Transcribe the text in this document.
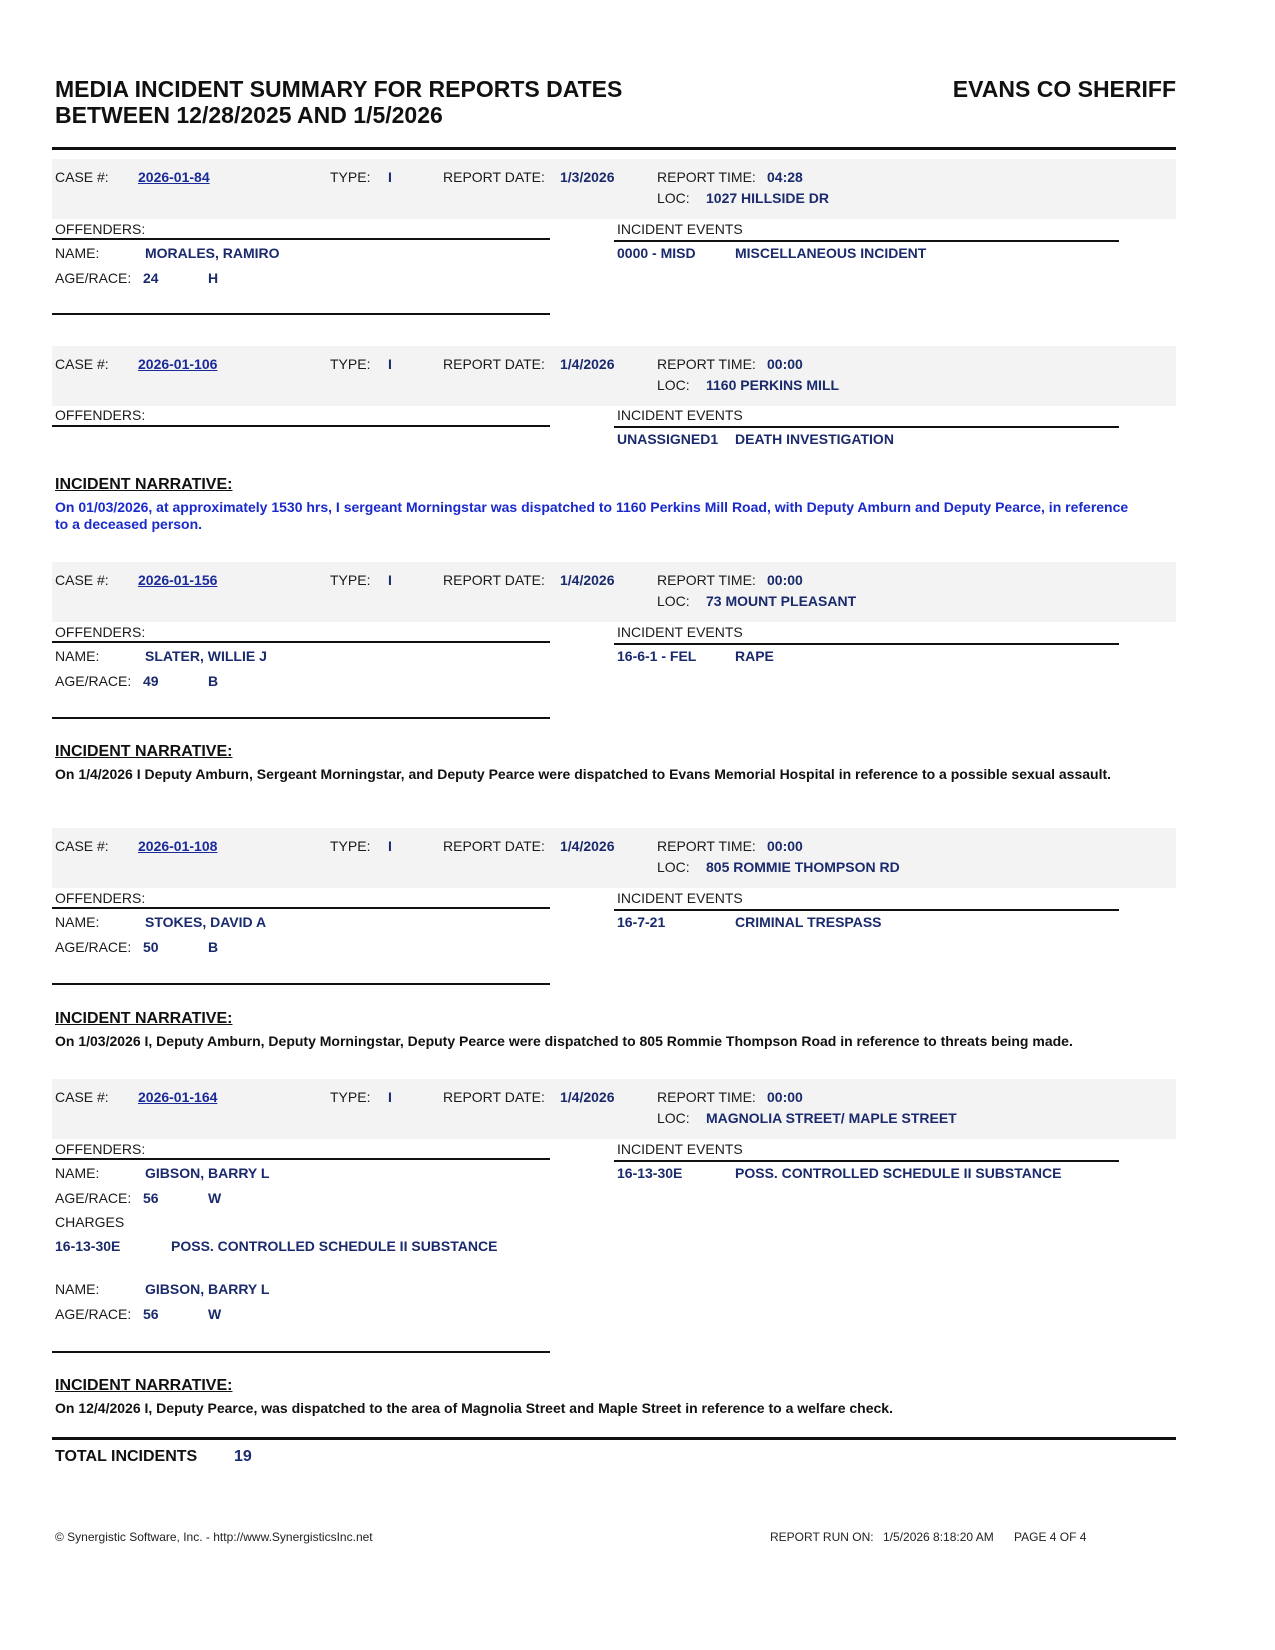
MEDIA INCIDENT SUMMARY FOR REPORTS DATES
BETWEEN 12/28/2025 AND 1/5/2026
EVANS CO SHERIFF
CASE #: 2026-01-84	TYPE: I	REPORT DATE: 1/3/2026	REPORT TIME: 04:28
LOC: 1027 HILLSIDE DR
OFFENDERS:
NAME:	MORALES, RAMIRO
AGE/RACE: 24	H
INCIDENT EVENTS
0000 - MISD	MISCELLANEOUS INCIDENT
CASE #: 2026-01-106	TYPE: I	REPORT DATE: 1/4/2026	REPORT TIME: 00:00
LOC: 1160 PERKINS MILL
OFFENDERS:	INCIDENT EVENTS
UNASSIGNED1 DEATH INVESTIGATION
INCIDENT NARRATIVE:
On 01/03/2026, at approximately 1530 hrs, I sergeant Morningstar was dispatched to 1160 Perkins Mill Road, with Deputy Amburn and Deputy Pearce, in reference to a deceased person.
CASE #: 2026-01-156	TYPE: I	REPORT DATE: 1/4/2026	REPORT TIME: 00:00
LOC: 73 MOUNT PLEASANT
OFFENDERS:
NAME:	SLATER, WILLIE J
AGE/RACE: 49	B
INCIDENT EVENTS
16-6-1 - FEL	RAPE
INCIDENT NARRATIVE:
On 1/4/2026 I Deputy Amburn, Sergeant Morningstar, and Deputy Pearce were dispatched to Evans Memorial Hospital in reference to a possible sexual assault.
CASE #: 2026-01-108	TYPE: I	REPORT DATE: 1/4/2026	REPORT TIME: 00:00
LOC: 805 ROMMIE THOMPSON RD
OFFENDERS:
NAME:	STOKES, DAVID A
AGE/RACE: 50	B
INCIDENT EVENTS
16-7-21	CRIMINAL TRESPASS
INCIDENT NARRATIVE:
On 1/03/2026 I, Deputy Amburn, Deputy Morningstar, Deputy Pearce were dispatched to 805 Rommie Thompson Road in reference to threats being made.
CASE #: 2026-01-164	TYPE: I	REPORT DATE: 1/4/2026	REPORT TIME: 00:00
LOC: MAGNOLIA STREET/ MAPLE STREET
OFFENDERS:
NAME:	GIBSON, BARRY L
AGE/RACE: 56	W
CHARGES
16-13-30E	POSS. CONTROLLED SCHEDULE II SUBSTANCE
NAME:	GIBSON, BARRY L
AGE/RACE: 56	W
INCIDENT EVENTS
16-13-30E	POSS. CONTROLLED SCHEDULE II SUBSTANCE
INCIDENT NARRATIVE:
On 12/4/2026 I, Deputy Pearce, was dispatched to the area of Magnolia Street and Maple Street in reference to a welfare check.
TOTAL INCIDENTS 19
© Synergistic Software, Inc. - http://www.SynergisticsInc.net	REPORT RUN ON: 1/5/2026 8:18:20 AM PAGE 4 OF 4
